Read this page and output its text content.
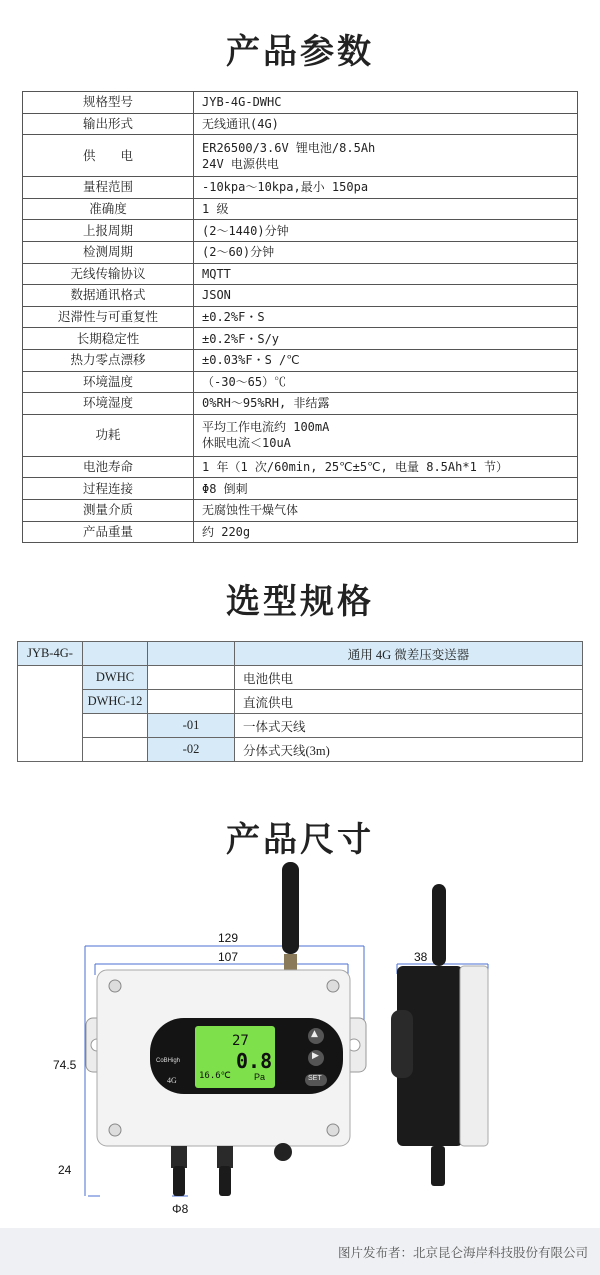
产品参数
规格型号	JYB-4G-DWHC

输出形式	无线通讯(4G)

供　　电	ER26500/3.6V 锂电池/8.5Ah
24V 电源供电

量程范围	-10kpa～10kpa,最小 150pa

准确度	1 级

上报周期	(2～1440)分钟

检测周期	(2～60)分钟

无线传输协议	MQTT

数据通讯格式	JSON

迟滞性与可重复性	±0.2%F・S

长期稳定性	±0.2%F・S/y

热力零点漂移	±0.03%F・S /℃

环境温度	（-30～65）℃

环境湿度	0%RH～95%RH, 非结露

功耗	平均工作电流约 100mA
休眠电流＜10uA

电池寿命	1 年（1 次/60min, 25℃±5℃, 电量 8.5Ah*1 节）

过程连接	Φ8 倒刺

测量介质	无腐蚀性干燥气体

产品重量	约 220g
选型规格
JYB-4G-			通用 4G 微差压变送器
	DWHC		电池供电
	DWHC-12		直流供电
		-01	一体式天线
		-02	分体式天线(3m)
产品尺寸
129
107
74.5
38
24
Φ8
CoBHigh
4G
27
0.8
16.6℃	Pa	SET
▲
▶
图片发布者：北京昆仑海岸科技股份有限公司
